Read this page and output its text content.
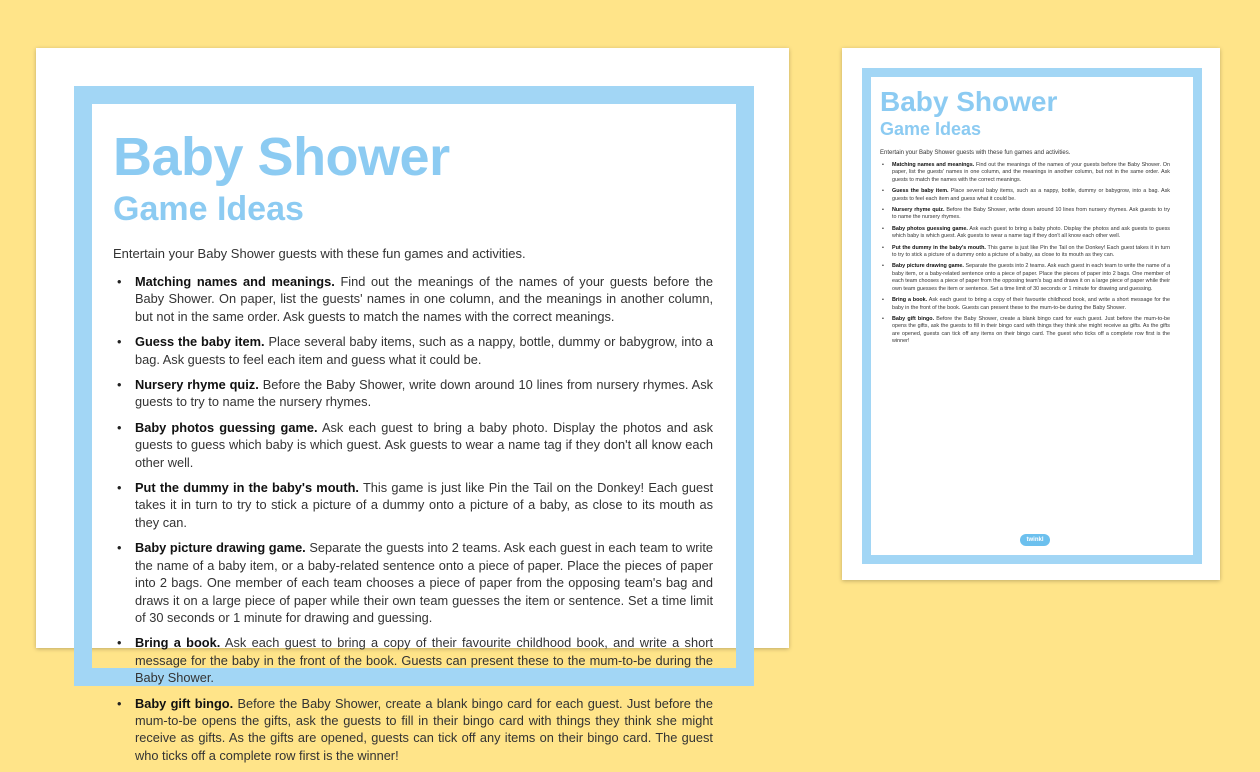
Baby Shower
Game Ideas

Entertain your Baby Shower guests with these fun games and activities.

• Matching names and meanings. Find out the meanings of the names of your guests before the Baby Shower. On paper, list the guests' names in one column, and the meanings in another column, but not in the same order. Ask guests to match the names with the correct meanings.
• Guess the baby item. Place several baby items, such as a nappy, bottle, dummy or babygrow, into a bag. Ask guests to feel each item and guess what it could be.
• Nursery rhyme quiz. Before the Baby Shower, write down around 10 lines from nursery rhymes. Ask guests to try to name the nursery rhymes.
• Baby photos guessing game. Ask each guest to bring a baby photo. Display the photos and ask guests to guess which baby is which guest. Ask guests to wear a name tag if they don't all know each other well.
• Put the dummy in the baby's mouth. This game is just like Pin the Tail on the Donkey! Each guest takes it in turn to try to stick a picture of a dummy onto a picture of a baby, as close to its mouth as they can.
• Baby picture drawing game. Separate the guests into 2 teams. Ask each guest in each team to write the name of a baby item, or a baby-related sentence onto a piece of paper. Place the pieces of paper into 2 bags. One member of each team chooses a piece of paper from the opposing team's bag and draws it on a large piece of paper while their own team guesses the item or sentence. Set a time limit of 30 seconds or 1 minute for drawing and guessing.
• Bring a book. Ask each guest to bring a copy of their favourite childhood book, and write a short message for the baby in the front of the book. Guests can present these to the mum-to-be during the Baby Shower.
• Baby gift bingo. Before the Baby Shower, create a blank bingo card for each guest. Just before the mum-to-be opens the gifts, ask the guests to fill in their bingo card with things they think she might receive as gifts. As the gifts are opened, guests can tick off any items on their bingo card. The guest who ticks off a complete row first is the winner!
Baby Shower
Game Ideas

Entertain your Baby Shower guests with these fun games and activities.

• Matching names and meanings. Find out the meanings of the names of your guests before the Baby Shower. On paper, list the guests' names in one column, and the meanings in another column, but not in the same order. Ask guests to match the names with the correct meanings.
• Guess the baby item. Place several baby items, such as a nappy, bottle, dummy or babygrow, into a bag. Ask guests to feel each item and guess what it could be.
• Nursery rhyme quiz. Before the Baby Shower, write down around 10 lines from nursery rhymes. Ask guests to try to name the nursery rhymes.
• Baby photos guessing game. Ask each guest to bring a baby photo. Display the photos and ask guests to guess which baby is which guest. Ask guests to wear a name tag if they don't all know each other well.
• Put the dummy in the baby's mouth. This game is just like Pin the Tail on the Donkey! Each guest takes it in turn to try to stick a picture of a dummy onto a picture of a baby, as close to its mouth as they can.
• Baby picture drawing game. Separate the guests into 2 teams. Ask each guest in each team to write the name of a baby item, or a baby-related sentence onto a piece of paper. Place the pieces of paper into 2 bags. One member of each team chooses a piece of paper from the opposing team's bag and draws it on a large piece of paper while their own team guesses the item or sentence. Set a time limit of 30 seconds or 1 minute for drawing and guessing.
• Bring a book. Ask each guest to bring a copy of their favourite childhood book, and write a short message for the baby in the front of the book. Guests can present these to the mum-to-be during the Baby Shower.
• Baby gift bingo. Before the Baby Shower, create a blank bingo card for each guest. Just before the mum-to-be opens the gifts, ask the guests to fill in their bingo card with things they think she might receive as gifts. As the gifts are opened, guests can tick off any items on their bingo card. The guest who ticks off a complete row first is the winner!
twinkl
